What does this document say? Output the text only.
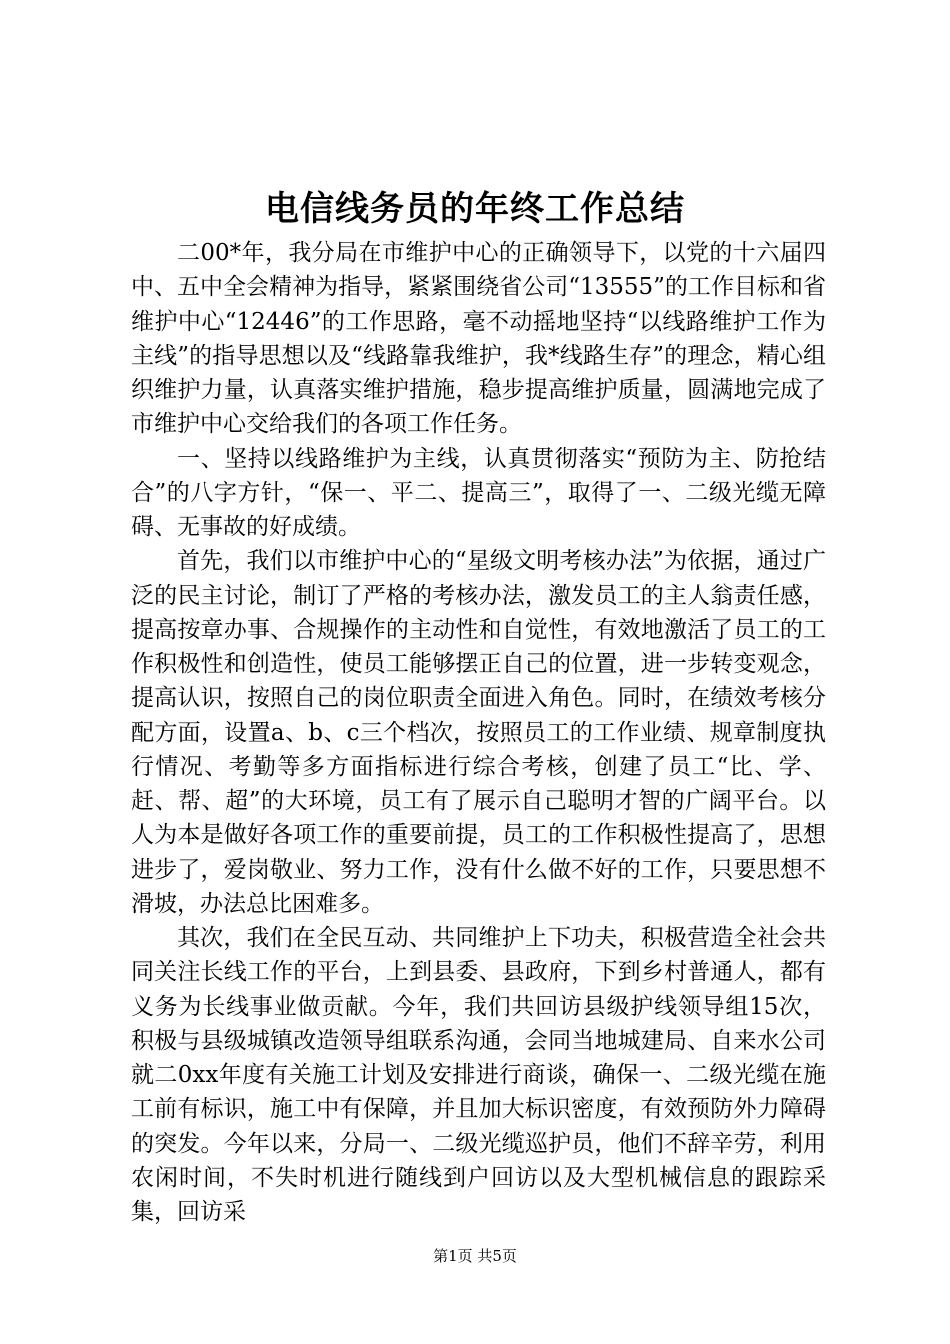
电信线务员的年终工作总结

二00*年，我分局在市维护中心的正确领导下，以党的十六届四中、五中全会精神为指导，紧紧围绕省公司“13555”的工作目标和省维护中心“12446”的工作思路，毫不动摇地坚持“以线路维护工作为主线”的指导思想以及“线路靠我维护，我*线路生存”的理念，精心组织维护力量，认真落实维护措施，稳步提高维护质量，圆满地完成了市维护中心交给我们的各项工作任务。

一、坚持以线路维护为主线，认真贯彻落实“预防为主、防抢结合”的八字方针，“保一、平二、提高三”，取得了一、二级光缆无障碍、无事故的好成绩。

首先，我们以市维护中心的“星级文明考核办法”为依据，通过广泛的民主讨论，制订了严格的考核办法，激发员工的主人翁责任感，提高按章办事、合规操作的主动性和自觉性，有效地激活了员工的工作积极性和创造性，使员工能够摆正自己的位置，进一步转变观念，提高认识，按照自己的岗位职责全面进入角色。同时，在绩效考核分配方面，设置a、b、c三个档次，按照员工的工作业绩、规章制度执行情况、考勤等多方面指标进行综合考核，创建了员工“比、学、赶、帮、超”的大环境，员工有了展示自己聪明才智的广阔平台。以人为本是做好各项工作的重要前提，员工的工作积极性提高了，思想进步了，爱岗敬业、努力工作，没有什么做不好的工作，只要思想不滑坡，办法总比困难多。

其次，我们在全民互动、共同维护上下功夫，积极营造全社会共同关注长线工作的平台，上到县委、县政府，下到乡村普通人，都有义务为长线事业做贡献。今年，我们共回访县级护线领导组15次，积极与县级城镇改造领导组联系沟通，会同当地城建局、自来水公司就二0xx年度有关施工计划及安排进行商谈，确保一、二级光缆在施工前有标识，施工中有保障，并且加大标识密度，有效预防外力障碍的突发。今年以来，分局一、二级光缆巡护员，他们不辞辛劳，利用农闲时间，不失时机进行随线到户回访以及大型机械信息的跟踪采集，回访采

第1页 共5页
